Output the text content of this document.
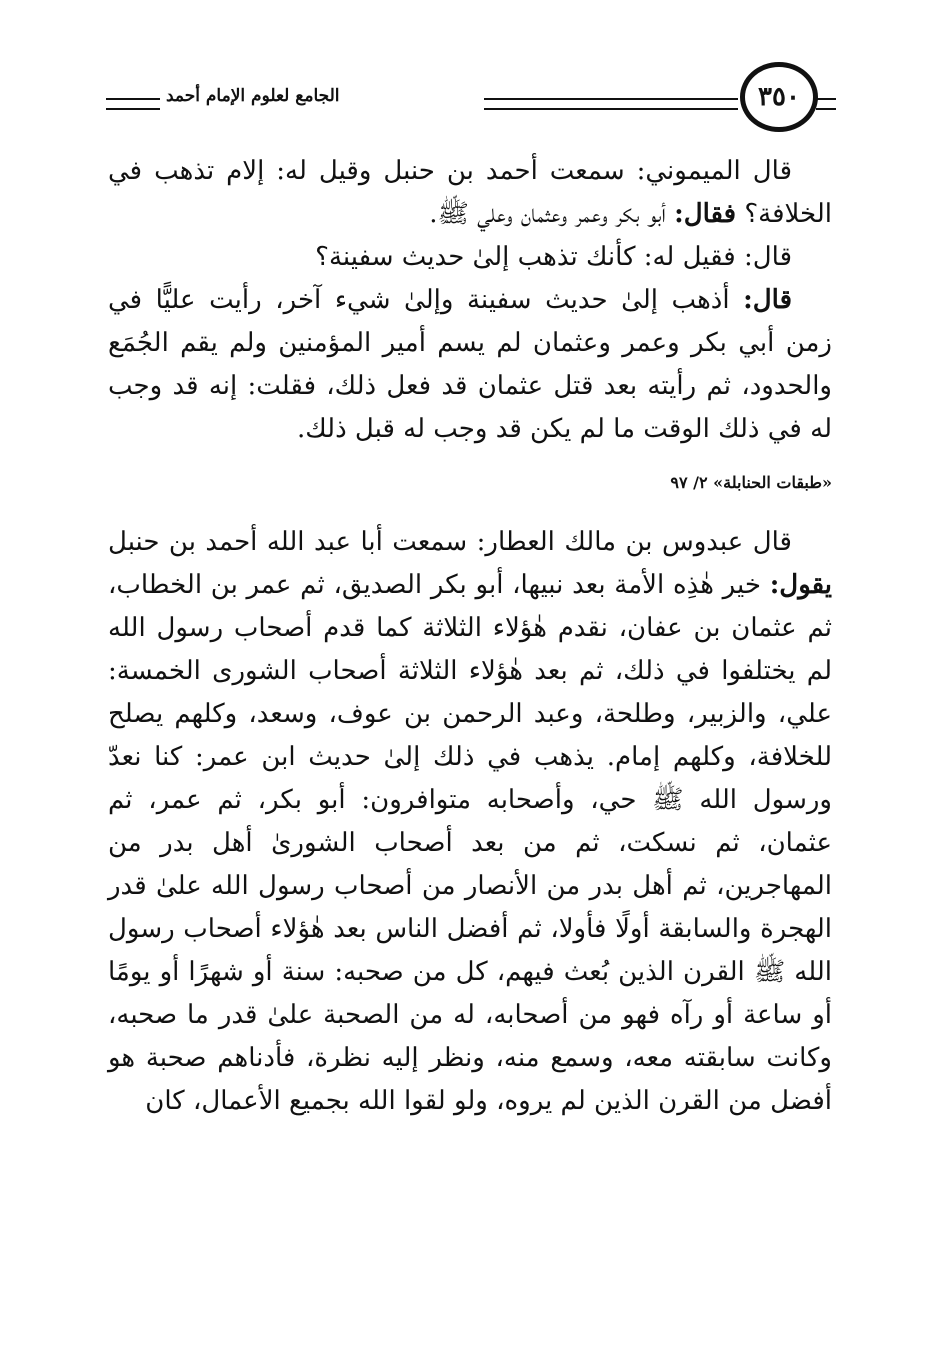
٣٥٠
الجامع لعلوم الإمام أحمد

قال الميموني: سمعت أحمد بن حنبل وقيل له: إلام تذهب في الخلافة؟ فقال: أبو بكر وعمر وعثمان وعلي ﷺ.

قال: فقيل له: كأنك تذهب إلىٰ حديث سفينة؟

قال: أذهب إلىٰ حديث سفينة وإلىٰ شيء آخر، رأيت عليًّا في زمن أبي بكر وعمر وعثمان لم يسم أمير المؤمنين ولم يقم الجُمَع والحدود، ثم رأيته بعد قتل عثمان قد فعل ذلك، فقلت: إنه قد وجب له في ذلك الوقت ما لم يكن قد وجب له قبل ذلك.

«طبقات الحنابلة» ٢/ ٩٧

قال عبدوس بن مالك العطار: سمعت أبا عبد الله أحمد بن حنبل يقول: خير هٰذِه الأمة بعد نبيها، أبو بكر الصديق، ثم عمر بن الخطاب، ثم عثمان بن عفان، نقدم هٰؤلاء الثلاثة كما قدم أصحاب رسول الله لم يختلفوا في ذلك، ثم بعد هٰؤلاء الثلاثة أصحاب الشورى الخمسة: علي، والزبير، وطلحة، وعبد الرحمن بن عوف، وسعد، وكلهم يصلح للخلافة، وكلهم إمام. يذهب في ذلك إلىٰ حديث ابن عمر: كنا نعدّ ورسول الله ﷺ حي، وأصحابه متوافرون: أبو بكر، ثم عمر، ثم عثمان، ثم نسكت، ثم من بعد أصحاب الشورىٰ أهل بدر من المهاجرين، ثم أهل بدر من الأنصار من أصحاب رسول الله علىٰ قدر الهجرة والسابقة أولًا فأولا، ثم أفضل الناس بعد هٰؤلاء أصحاب رسول الله ﷺ القرن الذين بُعث فيهم، كل من صحبه: سنة أو شهرًا أو يومًا أو ساعة أو رآه فهو من أصحابه، له من الصحبة علىٰ قدر ما صحبه، وكانت سابقته معه، وسمع منه، ونظر إليه نظرة، فأدناهم صحبة هو أفضل من القرن الذين لم يروه، ولو لقوا الله بجميع الأعمال، كان
